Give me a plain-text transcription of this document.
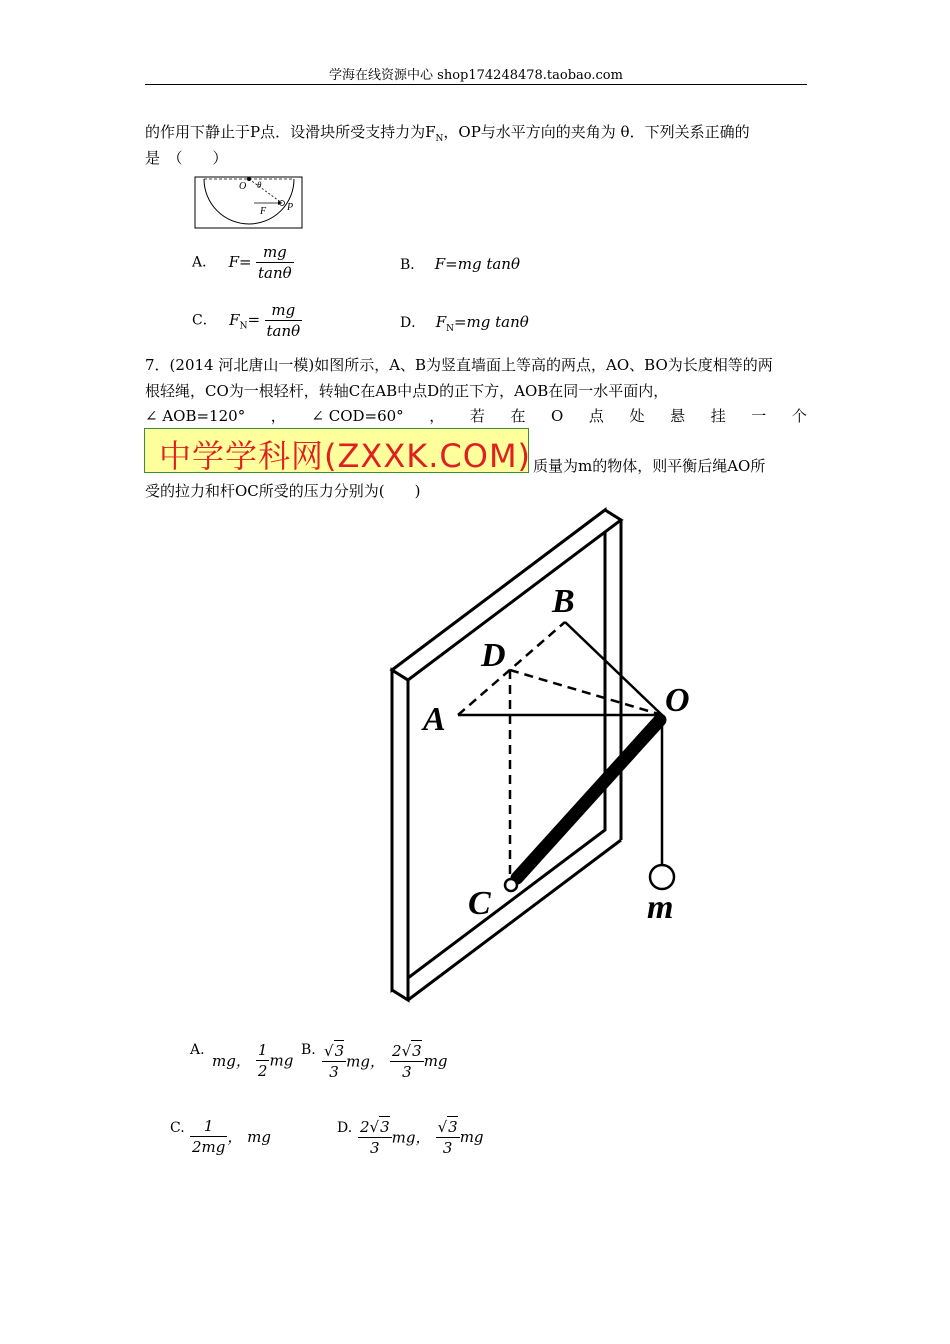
学海在线资源中心 shop174248478.taobao.com
的作用下静止于P点．设滑块所受支持力为$F_N$，OP与水平方向的夹角为 θ．下列关系正确的
是　（　　）
O θ
F P
A． $F= \frac{mg}{\tan\theta}$	B． F=mg tanθ
C． $F_N= \frac{mg}{\tan\theta}$	D． $F_N=mg$ tanθ
7．(2014 河北唐山一模)如图所示，A、B为竖直墙面上等高的两点，AO、BO为长度相等的两
根轻绳，CO为一根轻杆，转轴C在AB中点D的正下方，AOB在同一水平面内，
∠ AOB=120° ， ∠ COD=60° ， 若 在 O 点 处 悬 挂 一 个
中学学科网(ZXXK.COM) 质量为m的物体，则平衡后绳AO所
受的拉力和杆OC所受的压力分别为(　　)
B
D
A
O
C	m
A.
mg， $\frac{1}{2}$ mg
B. $\frac{√3}{3}$ mg， $\frac{2√3}{3}$ mg
C. $\frac{1}{2mg}$ ， mg	D. $\frac{2√3}{3}$ mg， $\frac{√3}{3}$ mg
